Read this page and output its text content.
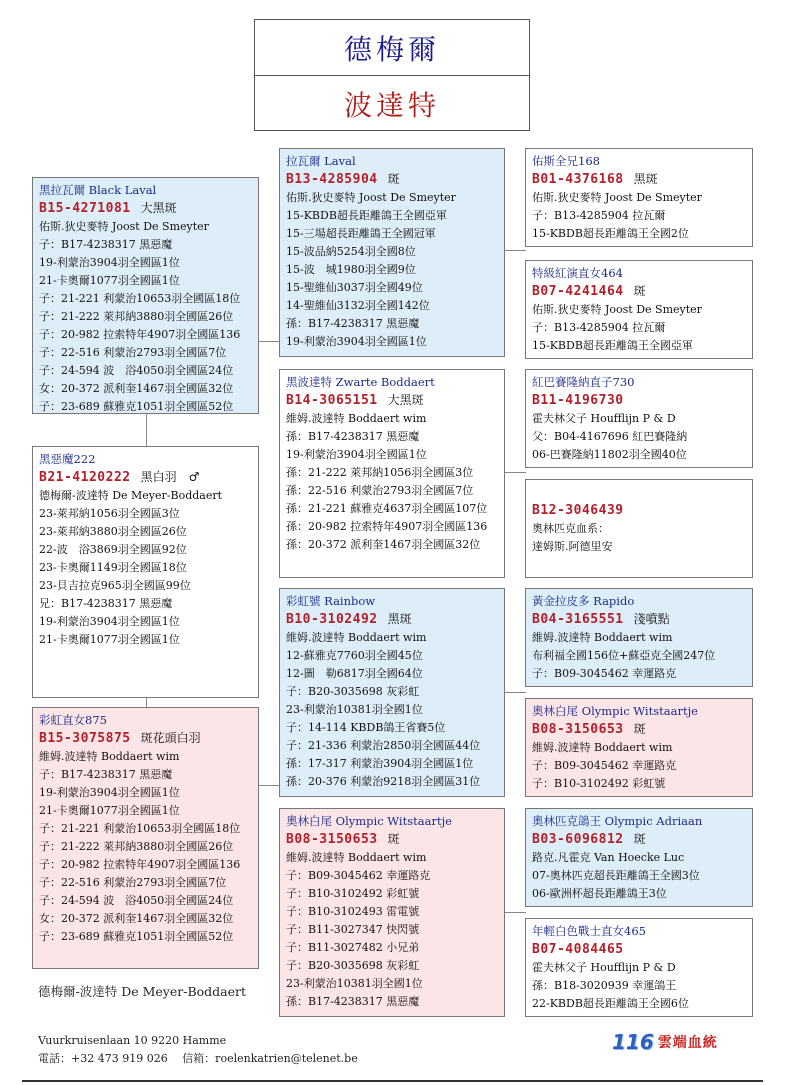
德梅爾
波達特
黑拉瓦爾 Black Laval
B15-4271081 大黑斑
佑斯.狄史麥特 Joost De Smeyter
子：B17-4238317 黑惡魔
19-利蒙治3904羽全國區1位
21-卡奧爾1077羽全國區1位
子：21-221 利蒙治10653羽全國區18位
子：21-222 萊邦納3880羽全國區26位
子：20-982 拉索特年4907羽全國區136
子：22-516 利蒙治2793羽全國區7位
子：24-594 波　浴4050羽全國區24位
女：20-372 派利奎1467羽全國區32位
子：23-689 蘇雅克1051羽全國區52位
黑惡魔222
B21-4120222 黑白羽　♂
德梅爾-波達特 De Meyer-Boddaert
23-萊邦納1056羽全國區3位
23-萊邦納3880羽全國區26位
22-波　浴3869羽全國區92位
23-卡奧爾1149羽全國區18位
23-貝吉拉克965羽全國區99位
兄：B17-4238317 黑惡魔
19-利蒙治3904羽全國區1位
21-卡奧爾1077羽全國區1位
彩虹直女875
B15-3075875 斑花頭白羽
維姆.波達特 Boddaert wim
子：B17-4238317 黑惡魔
19-利蒙治3904羽全國區1位
21-卡奧爾1077羽全國區1位
子：21-221 利蒙治10653羽全國區18位
子：21-222 萊邦納3880羽全國區26位
子：20-982 拉索特年4907羽全國區136
子：22-516 利蒙治2793羽全國區7位
子：24-594 波　浴4050羽全國區24位
女：20-372 派利奎1467羽全國區32位
子：23-689 蘇雅克1051羽全國區52位
拉瓦爾 Laval
B13-4285904 斑
佑斯.狄史麥特 Joost De Smeyter
15-KBDB超長距離鴿王全國亞軍
15-三場超長距離鴿王全國冠軍
15-波品納5254羽全國8位
15-波　城1980羽全國9位
15-聖維仙3037羽全國49位
14-聖維仙3132羽全國142位
孫：B17-4238317 黑惡魔
19-利蒙治3904羽全國區1位
黑波達特 Zwarte Boddaert
B14-3065151 大黑斑
維姆.波達特 Boddaert wim
孫：B17-4238317 黑惡魔
19-利蒙治3904羽全國區1位
孫：21-222 萊邦納1056羽全國區3位
孫：22-516 利蒙治2793羽全國區7位
孫：21-221 蘇雅克4637羽全國區107位
孫：20-982 拉索特年4907羽全國區136
孫：20-372 派利奎1467羽全國區32位
彩虹號 Rainbow
B10-3102492 黑斑
維姆.波達特 Boddaert wim
12-蘇雅克7760羽全國45位
12-圖　勒6817羽全國64位
子：B20-3035698 灰彩虹
23-利蒙治10381羽全國1位
子：14-114 KBDB鴿王省賽5位
子：21-336 利蒙治2850羽全國區44位
孫：17-317 利蒙治3904羽全國區1位
孫：20-376 利蒙治9218羽全國區31位
奧林白尾 Olympic Witstaartje
B08-3150653 斑
維姆.波達特 Boddaert wim
子：B09-3045462 幸運路克
子：B10-3102492 彩虹號
子：B10-3102493 雷電號
子：B11-3027347 快閃號
子：B11-3027482 小兄弟
子：B20-3035698 灰彩虹
23-利蒙治10381羽全國1位
孫：B17-4238317 黑惡魔
佑斯全兄168
B01-4376168 黑斑
佑斯.狄史麥特 Joost De Smeyter
子：B13-4285904 拉瓦爾
15-KBDB超長距離鴿王全國2位
特級紅演直女464
B07-4241464 斑
佑斯.狄史麥特 Joost De Smeyter
子：B13-4285904 拉瓦爾
15-KBDB超長距離鴿王全國亞軍
紅巴賽隆納直子730
B11-4196730
霍夫林父子 Houfflijn P & D
父：B04-4167696 紅巴賽隆納
06-巴賽隆納11802羽全國40位
B12-3046439
奧林匹克血系：
達姆斯.阿德里安
黃金拉皮多 Rapido
B04-3165551 淺噴點
維姆.波達特 Boddaert wim
布利福全國156位+蘇亞克全國247位
子：B09-3045462 幸運路克
奧林白尾 Olympic Witstaartje
B08-3150653 斑
維姆.波達特 Boddaert wim
子：B09-3045462 幸運路克
子：B10-3102492 彩虹號
奧林匹克鴿王 Olympic Adriaan
B03-6096812 斑
路克.凡霍克 Van Hoecke Luc
07-奧林匹克超長距離鴿王全國3位
06-歐洲杯超長距離鴿王3位
年輕白色戰士直女465
B07-4084465
霍夫林父子 Houfflijn P & D
孫：B18-3020939 幸運鴿王
22-KBDB超長距離鴿王全國6位
德梅爾-波達特 De Meyer-Boddaert
Vuurkruisenlaan 10 9220 Hamme
電話：+32 473 919 026　 信箱：roelenkatrien@telenet.be
116 雲端血統
